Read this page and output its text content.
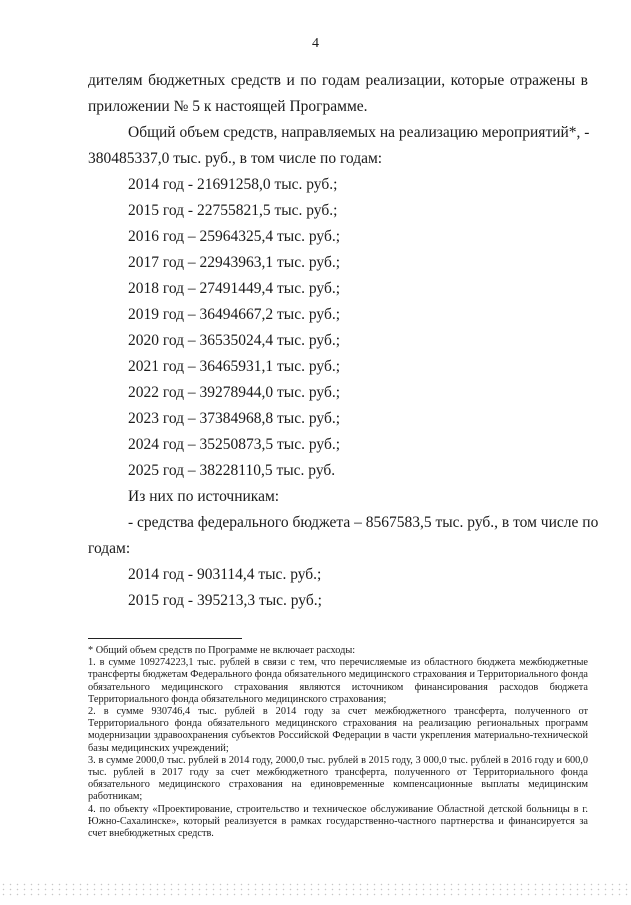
4

дителям бюджетных средств и по годам реализации, которые отражены в

приложении № 5 к настоящей Программе.

Общий объем средств, направляемых на реализацию мероприятий*, -

380485337,0 тыс. руб., в том числе по годам:

2014 год - 21691258,0 тыс. руб.;

2015 год - 22755821,5 тыс. руб.;

2016 год – 25964325,4 тыс. руб.;

2017 год – 22943963,1 тыс. руб.;

2018 год – 27491449,4 тыс. руб.;

2019 год – 36494667,2 тыс. руб.;

2020 год – 36535024,4 тыс. руб.;

2021 год – 36465931,1 тыс. руб.;

2022 год – 39278944,0 тыс. руб.;

2023 год – 37384968,8 тыс. руб.;

2024 год – 35250873,5 тыс. руб.;

2025 год – 38228110,5 тыс. руб.

Из них по источникам:

- средства федерального бюджета – 8567583,5 тыс. руб., в том числе по

годам:

2014 год - 903114,4 тыс. руб.;

2015 год - 395213,3 тыс. руб.;

* Общий объем средств по Программе не включает расходы:

1. в сумме 109274223,1 тыс. рублей в связи с тем, что перечисляемые из областного бюджета межбюджетные трансферты бюджетам Федерального фонда обязательного медицинского страхования и Территориального фонда обязательного медицинского страхования являются источником финансирования расходов бюджета Территориального фонда обязательного медицинского страхования;

2. в сумме 930746,4 тыс. рублей в 2014 году за счет межбюджетного трансферта, полученного от Территориального фонда обязательного медицинского страхования на реализацию региональных программ модернизации здравоохранения субъектов Российской Федерации в части укрепления материально-технической базы медицинских учреждений;

3. в сумме 2000,0 тыс. рублей в 2014 году, 2000,0 тыс. рублей в 2015 году, 3 000,0 тыс. рублей в 2016 году и 600,0 тыс. рублей в 2017 году за счет межбюджетного трансферта, полученного от Территориального фонда обязательного медицинского страхования на единовременные компенсационные выплаты медицинским работникам;

4. по объекту «Проектирование, строительство и техническое обслуживание Областной детской больницы в г. Южно-Сахалинске», который реализуется в рамках государственно-частного партнерства и финансируется за счет внебюджетных средств.
